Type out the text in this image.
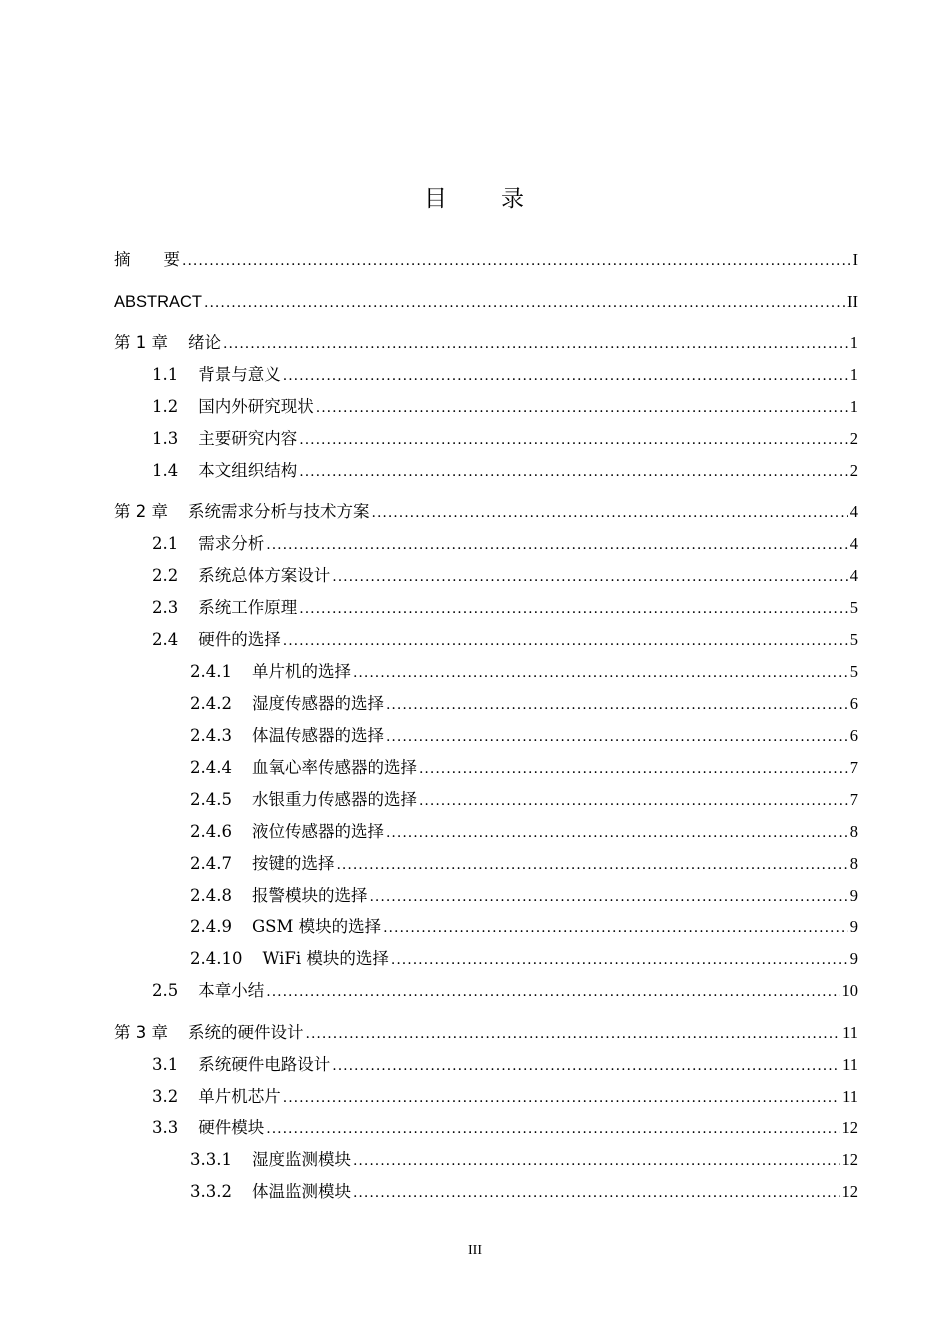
目 录
摘　　要 .....	I
ABSTRACT .....	II
第 1 章 绪论 .....	1
1.1 背景与意义 .....	1
1.2 国内外研究现状 .....	1
1.3 主要研究内容 .....	2
1.4 本文组织结构 .....	2
第 2 章 系统需求分析与技术方案 .....	4
2.1 需求分析 .....	4
2.2 系统总体方案设计 .....	4
2.3 系统工作原理 .....	5
2.4 硬件的选择 .....	5
2.4.1 单片机的选择 .....	5
2.4.2 湿度传感器的选择 .....	6
2.4.3 体温传感器的选择 .....	6
2.4.4 血氧心率传感器的选择 .....	7
2.4.5 水银重力传感器的选择 .....	7
2.4.6 液位传感器的选择 .....	8
2.4.7 按键的选择 .....	8
2.4.8 报警模块的选择 .....	9
2.4.9 GSM 模块的选择 .....	9
2.4.10 WiFi 模块的选择 .....	9
2.5 本章小结 .....	10
第 3 章 系统的硬件设计 .....	11
3.1 系统硬件电路设计 .....	11
3.2 单片机芯片 .....	11
3.3 硬件模块 .....	12
3.3.1 湿度监测模块 .....	12
3.3.2 体温监测模块 .....	12
III
